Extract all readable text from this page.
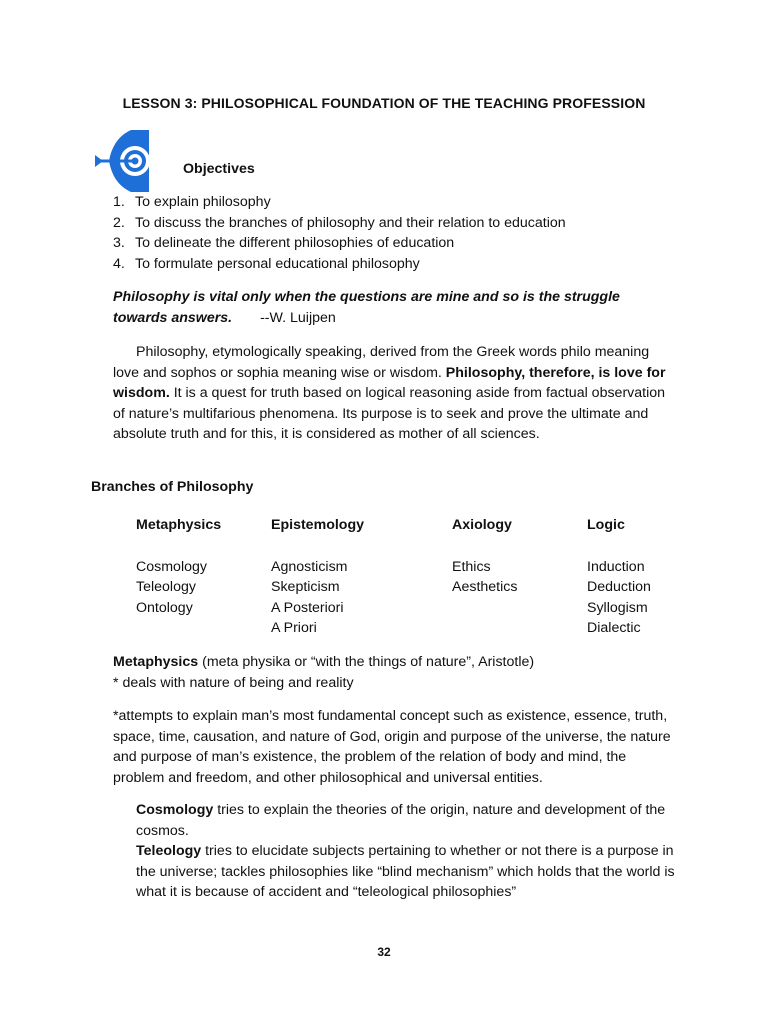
LESSON 3: PHILOSOPHICAL FOUNDATION OF THE TEACHING PROFESSION
Objectives
1. To explain philosophy
2. To discuss the branches of philosophy and their relation to education
3. To delineate the different philosophies of education
4. To formulate personal educational philosophy
Philosophy is vital only when the questions are mine and so is the struggle towards answers. --W. Luijpen
Philosophy, etymologically speaking, derived from the Greek words philo meaning love and sophos or sophia meaning wise or wisdom. Philosophy, therefore, is love for wisdom. It is a quest for truth based on logical reasoning aside from factual observation of nature’s multifarious phenomena. Its purpose is to seek and prove the ultimate and absolute truth and for this, it is considered as mother of all sciences.
Branches of Philosophy
Metaphysics
Cosmology
Teleology
Ontology
Epistemology
Agnosticism
Skepticism
A Posteriori
A Priori
Axiology
Ethics
Aesthetics
Logic
Induction
Deduction
Syllogism
Dialectic
Metaphysics (meta physika or “with the things of nature”, Aristotle)
* deals with nature of being and reality
*attempts to explain man’s most fundamental concept such as existence, essence, truth, space, time, causation, and nature of God, origin and purpose of the universe, the nature and purpose of man’s existence, the problem of the relation of body and mind, the problem and freedom, and other philosophical and universal entities.
Cosmology tries to explain the theories of the origin, nature and development of the cosmos.
Teleology tries to elucidate subjects pertaining to whether or not there is a purpose in the universe; tackles philosophies like “blind mechanism” which holds that the world is what it is because of accident and “teleological philosophies”
32
